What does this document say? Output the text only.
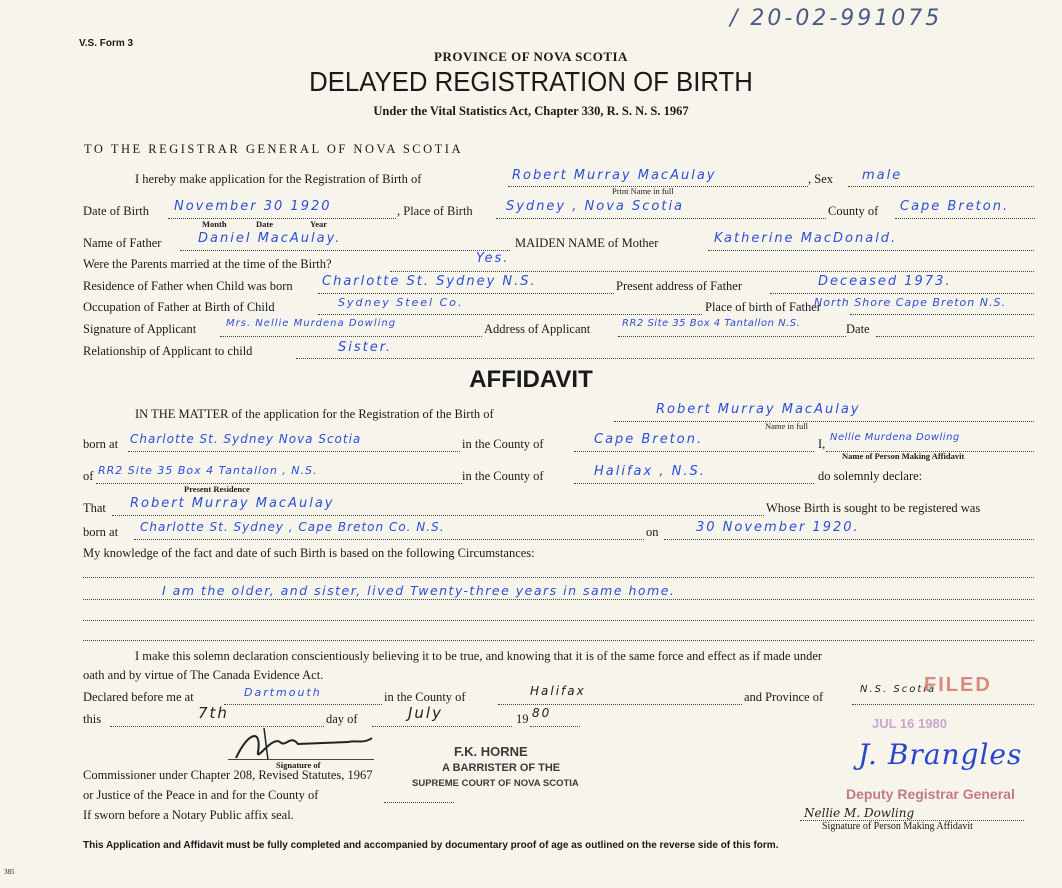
V.S. Form 3
/ 20-02-991075
PROVINCE OF NOVA SCOTIA
DELAYED REGISTRATION OF BIRTH
Under the Vital Statistics Act, Chapter 330, R. S. N. S. 1967
TO THE REGISTRAR GENERAL OF NOVA SCOTIA
I hereby make application for the Registration of Birth of	Robert Murray MacAulay	, Sex male
Print Name in full
Date of Birth November 30 1920	, Place of Birth	Sydney , Nova Scotia	County of Cape Breton.
Month	Date	Year
Name of Father	Daniel MacAulay.	MAIDEN NAME of Mother	Katherine MacDonald.
Were the Parents married at the time of the Birth?	Yes.
Residence of Father when Child was born Charlotte St. Sydney N.S.	Present address of Father	Deceased 1973.
Occupation of Father at Birth of Child	Sydney Steel Co.	Place of birth of Father
North Shore Cape Breton N.S.
Signature of Applicant	Mrs. Nellie Murdena Dowling	Address of Applicant	RR2 Site 35 Box 4 Tantallon N.S.	Date
Relationship of Applicant to child	Sister.
AFFIDAVIT
IN THE MATTER of the application for the Registration of the Birth of	Robert Murray MacAulay
Name in full
born at Charlotte St. Sydney Nova Scotia	in the County of	Cape Breton.	I, Nellie Murdena Dowling
Name of Person Making Affidavit
of RR2 Site 35 Box 4 Tantallon , N.S.	in the County of	Halifax , N.S.	do solemnly declare:
Present Residence
That Robert Murray MacAulay	Whose Birth is sought to be registered was
born at Charlotte St. Sydney , Cape Breton Co. N.S.	on	30 November 1920.
My knowledge of the fact and date of such Birth is based on the following Circumstances:
I am the older, and sister, lived Twenty-three years in same home.
I make this solemn declaration conscientiously believing it to be true, and knowing that it is of the same force and effect as if made under
oath and by virtue of The Canada Evidence Act.
Declared before me at	Dartmouth	in the County of	Halifax	and Province of
N.S. Scotia
FILED
this	7th	day of	July	19 80
JUL 16 1980
Signature of
Commissioner under Chapter 208, Revised Statutes, 1967
or Justice of the Peace in and for the County of
If sworn before a Notary Public affix seal.
F.K. HORNE
A BARRISTER OF THE
SUPREME COURT OF NOVA SCOTIA
J. Brangles
Deputy Registrar General
Nellie M. Dowling
Signature of Person Making Affidavit
This Application and Affidavit must be fully completed and accompanied by documentary proof of age as outlined on the reverse side of this form.
385
